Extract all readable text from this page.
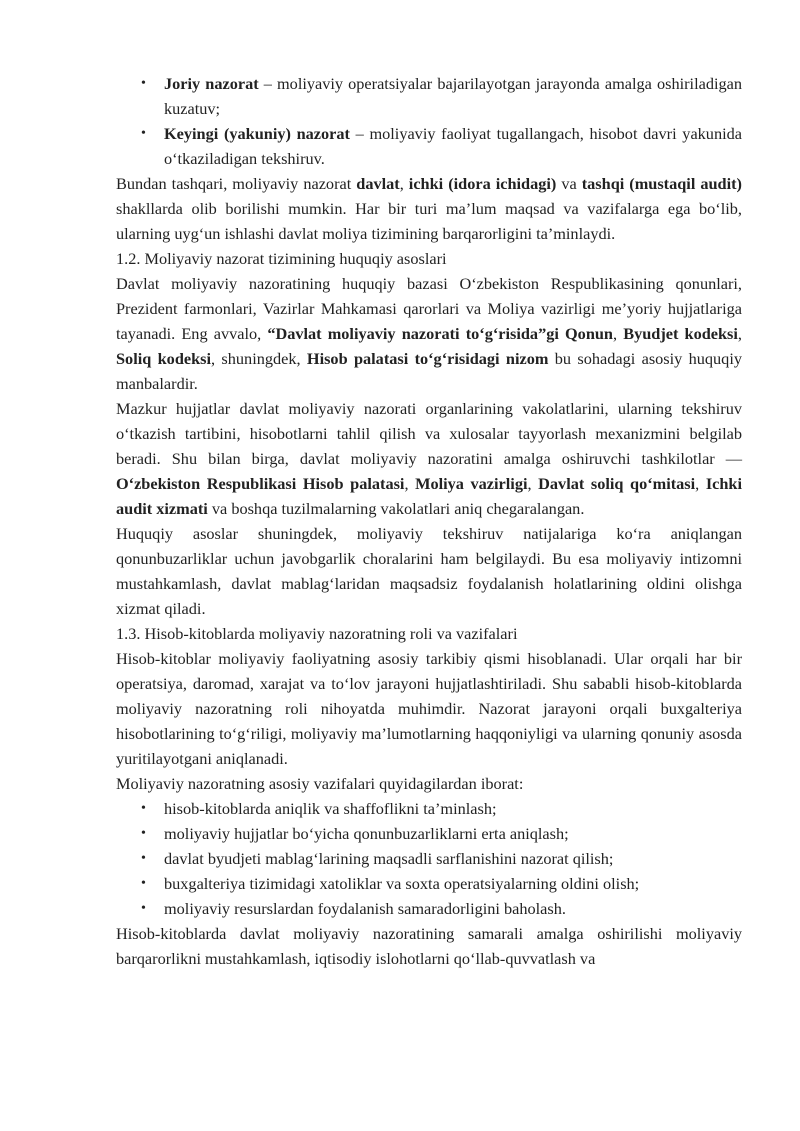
• Joriy nazorat – moliyaviy operatsiyalar bajarilayotgan jarayonda amalga oshiriladigan kuzatuv;
• Keyingi (yakuniy) nazorat – moliyaviy faoliyat tugallangach, hisobot davri yakunida o‘tkaziladigan tekshiruv.

Bundan tashqari, moliyaviy nazorat davlat, ichki (idora ichidagi) va tashqi (mustaqil audit) shakllarda olib borilishi mumkin. Har bir turi ma’lum maqsad va vazifalarga ega bo‘lib, ularning uyg‘un ishlashi davlat moliya tizimining barqarorligini ta’minlaydi.

1.2. Moliyaviy nazorat tizimining huquqiy asoslari

Davlat moliyaviy nazoratining huquqiy bazasi O‘zbekiston Respublikasining qonunlari, Prezident farmonlari, Vazirlar Mahkamasi qarorlari va Moliya vazirligi me’yoriy hujjatlariga tayanadi. Eng avvalo, “Davlat moliyaviy nazorati to‘g‘risida”gi Qonun, Byudjet kodeksi, Soliq kodeksi, shuningdek, Hisob palatasi to‘g‘risidagi nizom bu sohadagi asosiy huquqiy manbalardir.

Mazkur hujjatlar davlat moliyaviy nazorati organlarining vakolatlarini, ularning tekshiruv o‘tkazish tartibini, hisobotlarni tahlil qilish va xulosalar tayyorlash mexanizmini belgilab beradi. Shu bilan birga, davlat moliyaviy nazoratini amalga oshiruvchi tashkilotlar — O‘zbekiston Respublikasi Hisob palatasi, Moliya vazirligi, Davlat soliq qo‘mitasi, Ichki audit xizmati va boshqa tuzilmalarning vakolatlari aniq chegaralangan.

Huquqiy asoslar shuningdek, moliyaviy tekshiruv natijalariga ko‘ra aniqlangan qonunbuzarliklar uchun javobgarlik choralarini ham belgilaydi. Bu esa moliyaviy intizomni mustahkamlash, davlat mablag‘laridan maqsadsiz foydalanish holatlarining oldini olishga xizmat qiladi.

1.3. Hisob-kitoblarda moliyaviy nazoratning roli va vazifalari

Hisob-kitoblar moliyaviy faoliyatning asosiy tarkibiy qismi hisoblanadi. Ular orqali har bir operatsiya, daromad, xarajat va to‘lov jarayoni hujjatlashtiriladi. Shu sababli hisob-kitoblarda moliyaviy nazoratning roli nihoyatda muhimdir. Nazorat jarayoni orqali buxgalteriya hisobotlarining to‘g‘riligi, moliyaviy ma’lumotlarning haqqoniyligi va ularning qonuniy asosda yuritilayotgani aniqlanadi.

Moliyaviy nazoratning asosiy vazifalari quyidagilardan iborat:

• hisob-kitoblarda aniqlik va shaffoflikni ta’minlash;
• moliyaviy hujjatlar bo‘yicha qonunbuzarliklarni erta aniqlash;
• davlat byudjeti mablag‘larining maqsadli sarflanishini nazorat qilish;
• buxgalteriya tizimidagi xatoliklar va soxta operatsiyalarning oldini olish;
• moliyaviy resurslardan foydalanish samaradorligini baholash.

Hisob-kitoblarda davlat moliyaviy nazoratining samarali amalga oshirilishi moliyaviy barqarorlikni mustahkamlash, iqtisodiy islohotlarni qo‘llab-quvvatlash va
